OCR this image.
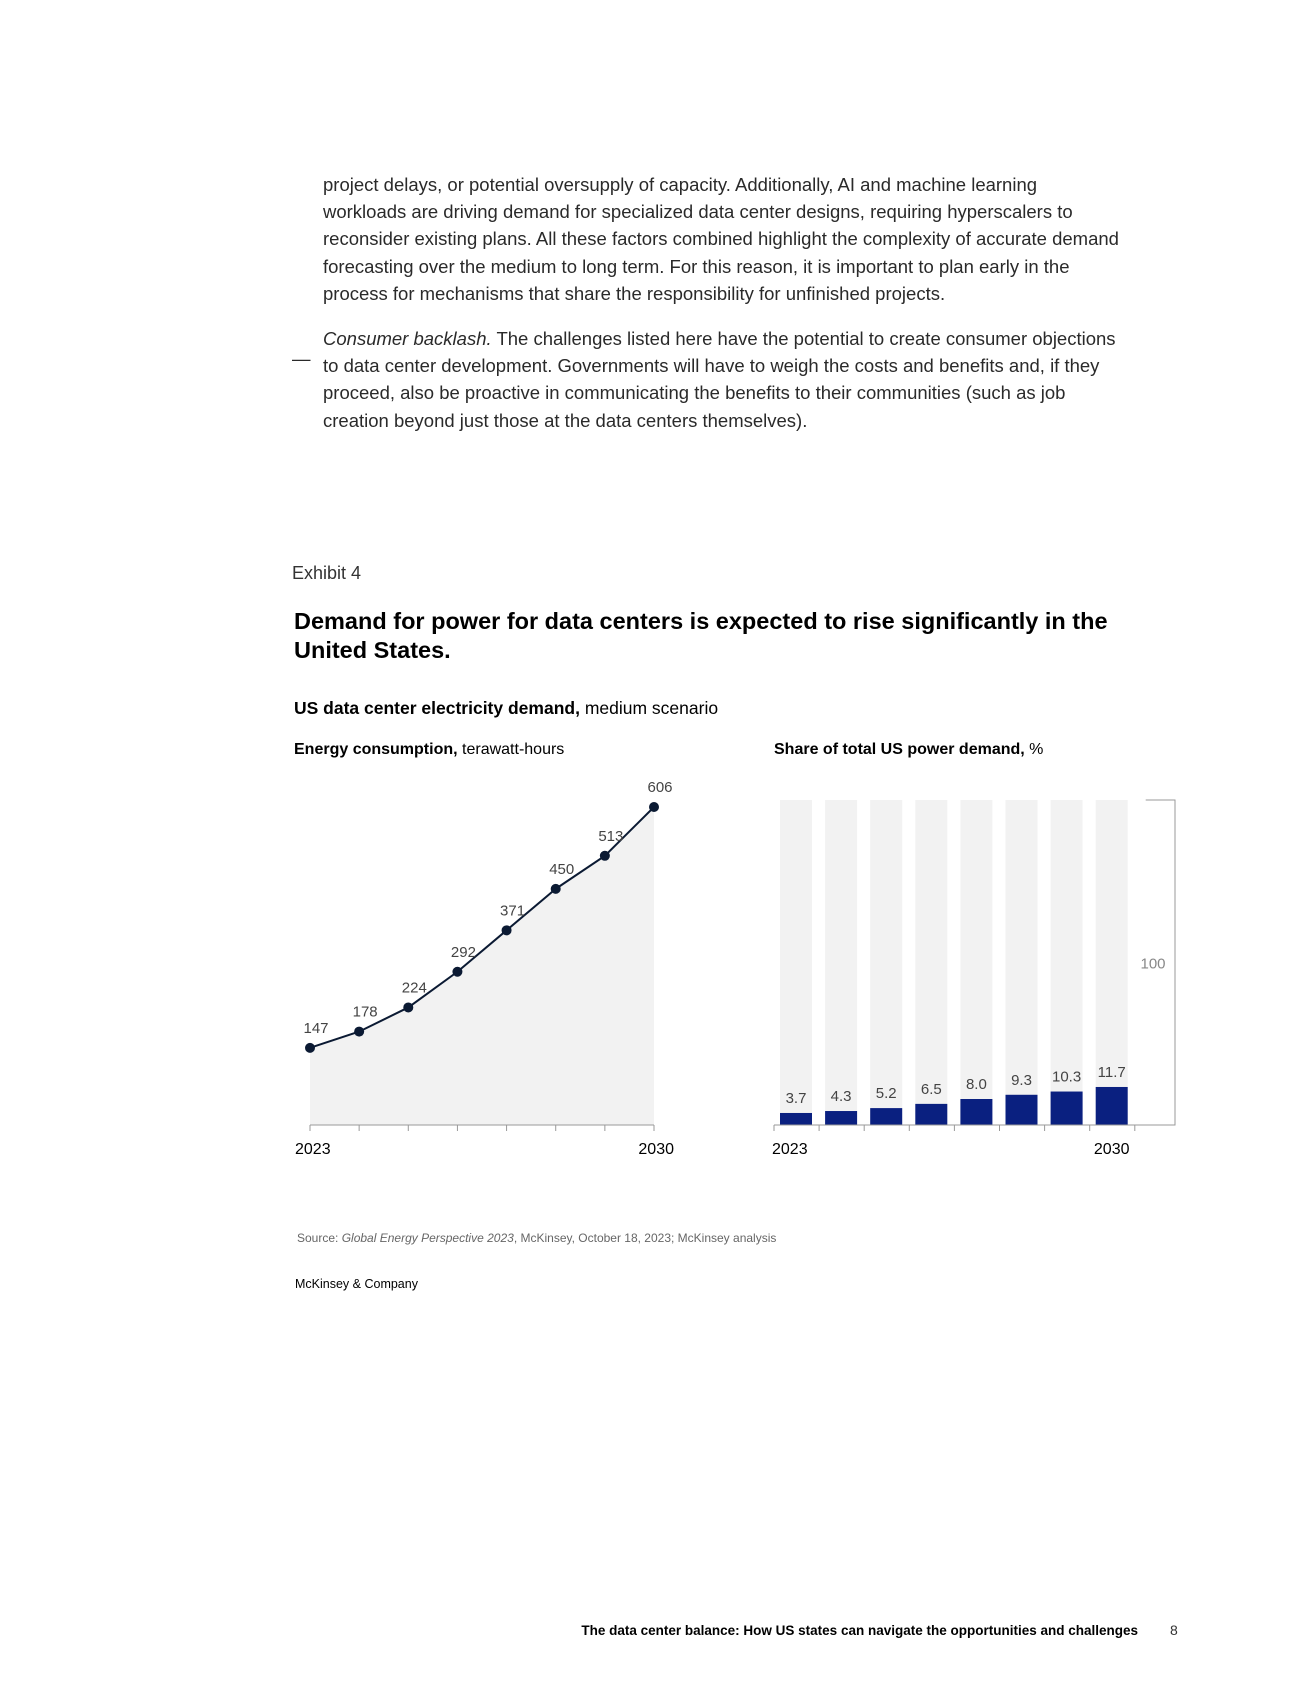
project delays, or potential oversupply of capacity. Additionally, AI and machine learning workloads are driving demand for specialized data center designs, requiring hyperscalers to reconsider existing plans. All these factors combined highlight the complexity of accurate demand forecasting over the medium to long term. For this reason, it is important to plan early in the process for mechanisms that share the responsibility for unfinished projects.
—
Consumer backlash. The challenges listed here have the potential to create consumer objections to data center development. Governments will have to weigh the costs and benefits and, if they proceed, also be proactive in communicating the benefits to their communities (such as job creation beyond just those at the data centers themselves).
Exhibit 4
Demand for power for data centers is expected to rise significantly in the United States.
US data center electricity demand, medium scenario
Energy consumption, terawatt-hours	Share of total US power demand, %
147
178
224
292
371
450
513
606
2023	2030
3.7 4.3 5.2 6.5 8.0 9.3 10.3 11.7
100
2023	2030
Source: Global Energy Perspective 2023, McKinsey, October 18, 2023; McKinsey analysis
McKinsey & Company
The data center balance: How US states can navigate the opportunities and challenges 8
